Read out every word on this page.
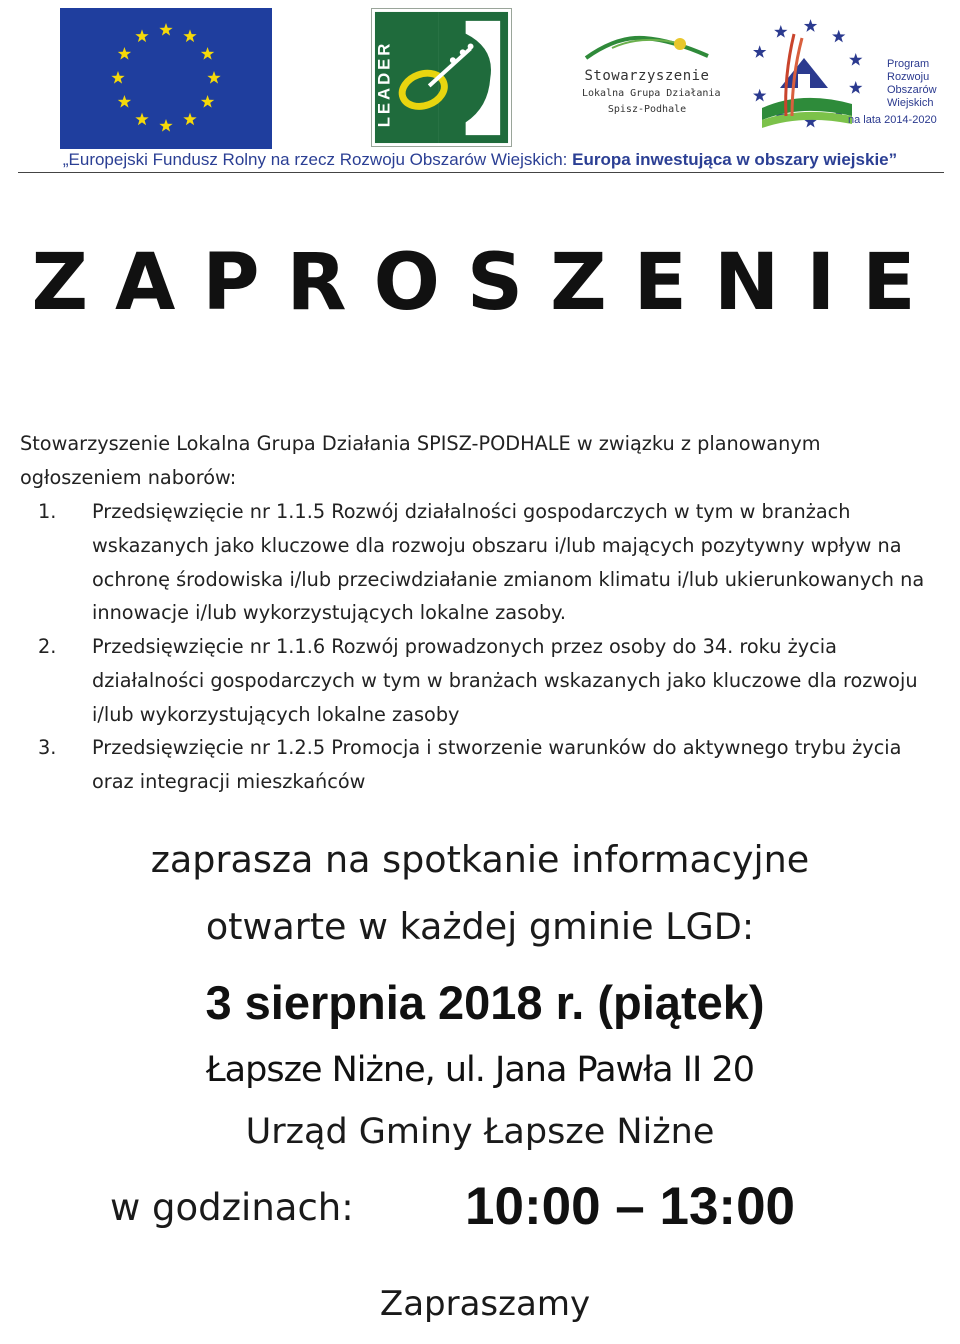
LEADER	Stowarzyszenie
Lokalna Grupa Działania
Spisz-Podhale
Program
Rozwoju
Obszarów
Wiejskich
na lata 2014-2020
„Europejski Fundusz Rolny na rzecz Rozwoju Obszarów Wiejskich: Europa inwestująca w obszary wiejskie”
ZAPROSZENIE
Stowarzyszenie Lokalna Grupa Działania SPISZ-PODHALE w związku z planowanym
ogłoszeniem naborów:
1. Przedsięwzięcie nr 1.1.5 Rozwój działalności gospodarczych w tym w branżach
wskazanych jako kluczowe dla rozwoju obszaru i/lub mających pozytywny wpływ na
ochronę środowiska i/lub przeciwdziałanie zmianom klimatu i/lub ukierunkowanych na
innowacje i/lub wykorzystujących lokalne zasoby.
2. Przedsięwzięcie nr 1.1.6 Rozwój prowadzonych przez osoby do 34. roku życia
działalności gospodarczych w tym w branżach wskazanych jako kluczowe dla rozwoju
i/lub wykorzystujących lokalne zasoby
3. Przedsięwzięcie nr 1.2.5 Promocja i stworzenie warunków do aktywnego trybu życia
oraz integracji mieszkańców
zaprasza na spotkanie informacyjne
otwarte w każdej gminie LGD:
3 sierpnia 2018 r. (piątek)
Łapsze Niżne, ul. Jana Pawła II 20
Urząd Gminy Łapsze Niżne
w godzinach: 10:00 – 13:00
Zapraszamy
